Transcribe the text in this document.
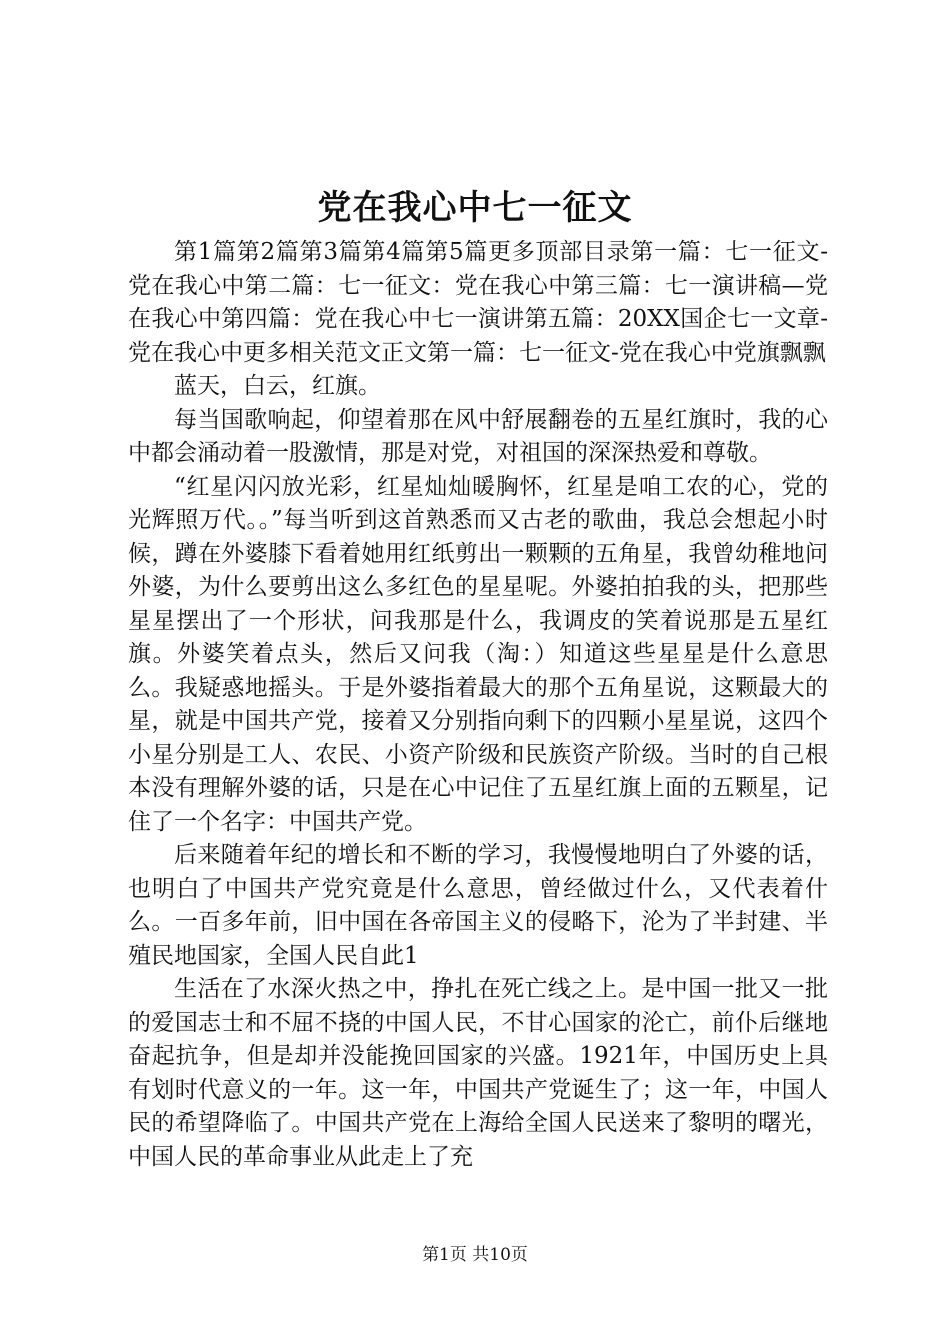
党在我心中七一征文

第1篇第2篇第3篇第4篇第5篇更多顶部目录第一篇：七一征文-党在我心中第二篇：七一征文：党在我心中第三篇：七一演讲稿—党在我心中第四篇：党在我心中七一演讲第五篇：20XX国企七一文章-党在我心中更多相关范文正文第一篇：七一征文-党在我心中党旗飘飘

蓝天，白云，红旗。

每当国歌响起，仰望着那在风中舒展翻卷的五星红旗时，我的心中都会涌动着一股激情，那是对党，对祖国的深深热爱和尊敬。

“红星闪闪放光彩，红星灿灿暖胸怀，红星是咱工农的心，党的光辉照万代。。”每当听到这首熟悉而又古老的歌曲，我总会想起小时候，蹲在外婆膝下看着她用红纸剪出一颗颗的五角星，我曾幼稚地问外婆，为什么要剪出这么多红色的星星呢。外婆拍拍我的头，把那些星星摆出了一个形状，问我那是什么，我调皮的笑着说那是五星红旗。外婆笑着点头，然后又问我（淘：）知道这些星星是什么意思么。我疑惑地摇头。于是外婆指着最大的那个五角星说，这颗最大的星，就是中国共产党，接着又分别指向剩下的四颗小星星说，这四个小星分别是工人、农民、小资产阶级和民族资产阶级。当时的自己根本没有理解外婆的话，只是在心中记住了五星红旗上面的五颗星，记住了一个名字：中国共产党。

后来随着年纪的增长和不断的学习，我慢慢地明白了外婆的话，也明白了中国共产党究竟是什么意思，曾经做过什么，又代表着什么。一百多年前，旧中国在各帝国主义的侵略下，沦为了半封建、半殖民地国家，全国人民自此1

生活在了水深火热之中，挣扎在死亡线之上。是中国一批又一批的爱国志士和不屈不挠的中国人民，不甘心国家的沦亡，前仆后继地奋起抗争，但是却并没能挽回国家的兴盛。1921年，中国历史上具有划时代意义的一年。这一年，中国共产党诞生了；这一年，中国人民的希望降临了。中国共产党在上海给全国人民送来了黎明的曙光，中国人民的革命事业从此走上了充

第1页 共10页
